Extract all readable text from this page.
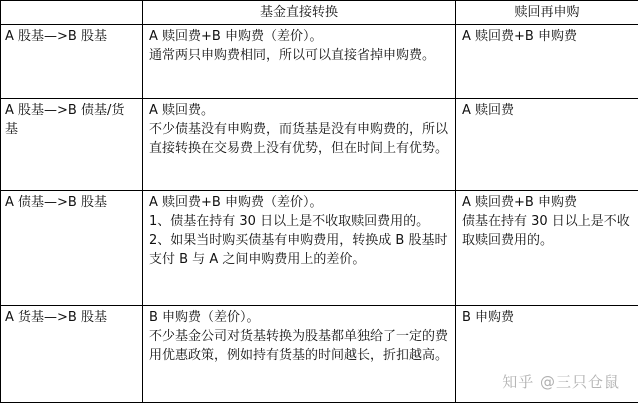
	基金直接转换	赎回再申购

A 股基—>B 股基	A 赎回费+B 申购费（差价）。
通常两只申购费相同，所以可以直接省掉申购费。	A 赎回费+B 申购费

A 股基—>B 债基/货基	A 赎回费。
不少债基没有申购费，而货基是没有申购费的，所以直接转换在交易费上没有优势，但在时间上有优势。	A 赎回费

A 债基—>B 股基	A 赎回费+B 申购费（差价）。
1、债基在持有 30 日以上是不收取赎回费用的。
2、如果当时购买债基有申购费用，转换成 B 股基时支付 B 与 A 之间申购费用上的差价。	A 赎回费+B 申购费
债基在持有 30 日以上是不收取赎回费用的。

A 货基—>B 股基	B 申购费（差价）。
不少基金公司对货基转换为股基都单独给了一定的费用优惠政策，例如持有货基的时间越长，折扣越高。	B 申购费
知乎 @三只仓鼠
